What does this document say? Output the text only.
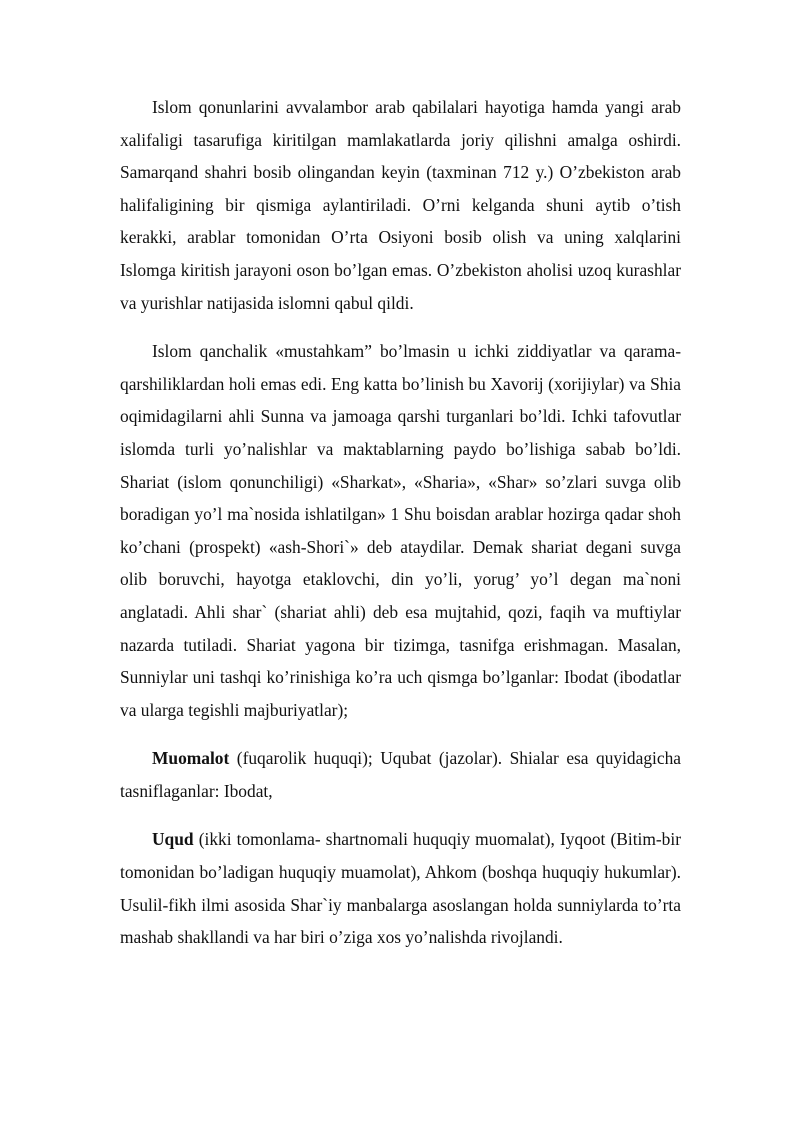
Islom qonunlarini avvalambor arab qabilalari hayotiga hamda yangi arab xalifaligi tasarufiga kiritilgan mamlakatlarda joriy qilishni amalga oshirdi. Samarqand shahri bosib olingandan keyin (taxminan 712 y.) O’zbekiston arab halifaligining bir qismiga aylantiriladi. O’rni kelganda shuni aytib o’tish kerakki, arablar tomonidan O’rta Osiyoni bosib olish va uning xalqlarini Islomga kiritish jarayoni oson bo’lgan emas. O’zbekiston aholisi uzoq kurashlar va yurishlar natijasida islomni qabul qildi.

Islom qanchalik «mustahkam” bo’lmasin u ichki ziddiyatlar va qarama-qarshiliklardan holi emas edi. Eng katta bo’linish bu Xavorij (xorijiylar) va Shia oqimidagilarni ahli Sunna va jamoaga qarshi turganlari bo’ldi. Ichki tafovutlar islomda turli yo’nalishlar va maktablarning paydo bo’lishiga sabab bo’ldi. Shariat (islom qonunchiligi) «Sharkat», «Sharia», «Shar» so’zlari suvga olib boradigan yo’l ma`nosida ishlatilgan» 1 Shu boisdan arablar hozirga qadar shoh ko’chani (prospekt) «ash-Shori`» deb ataydilar. Demak shariat degani suvga olib boruvchi, hayotga etaklovchi, din yo’li, yorug’ yo’l degan ma`noni anglatadi. Ahli shar` (shariat ahli) deb esa mujtahid, qozi, faqih va muftiylar nazarda tutiladi. Shariat yagona bir tizimga, tasnifga erishmagan. Masalan, Sunniylar uni tashqi ko’rinishiga ko’ra uch qismga bo’lganlar: Ibodat (ibodatlar va ularga tegishli majburiyatlar);

Muomalot (fuqarolik huquqi); Uqubat (jazolar). Shialar esa quyidagicha tasniflaganlar: Ibodat,

Uqud (ikki tomonlama- shartnomali huquqiy muomalat), Iyqoot (Bitim-bir tomonidan bo’ladigan huquqiy muamolat), Ahkom (boshqa huquqiy hukumlar). Usulil-fikh ilmi asosida Shar`iy manbalarga asoslangan holda sunniylarda to’rta mashab shakllandi va har biri o’ziga xos yo’nalishda rivojlandi.
